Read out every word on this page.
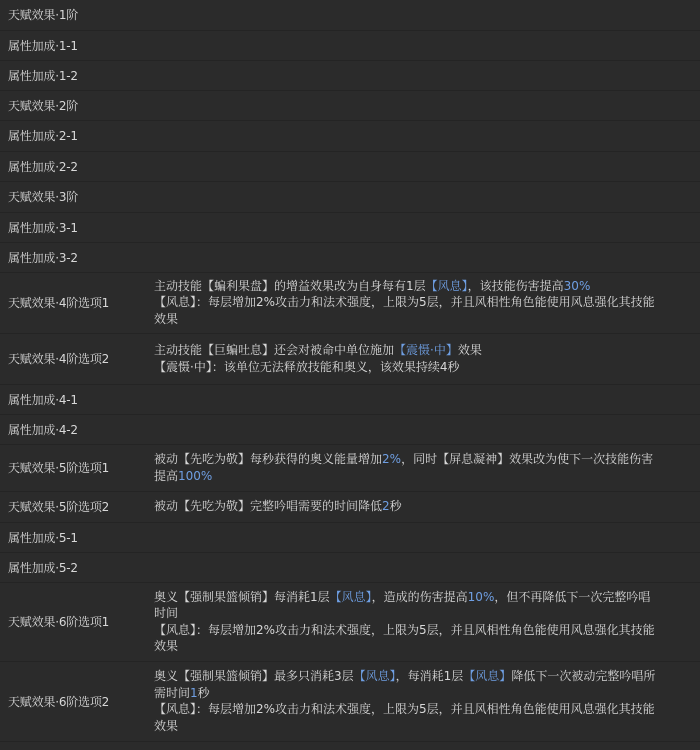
天赋效果·1阶	
属性加成·1-1	
属性加成·1-2	
天赋效果·2阶	
属性加成·2-1	
属性加成·2-2	
天赋效果·3阶	
属性加成·3-1	
属性加成·3-2	
天赋效果·4阶选项1	主动技能【蝙利果盘】的增益效果改为自身每有1层【风息】，该技能伤害提高30%
【风息】：每层增加2%攻击力和法术强度，上限为5层，并且风相性角色能使用风息强化其技能
效果

天赋效果·4阶选项2	主动技能【巨蝙吐息】还会对被命中单位施加【震慑·中】效果
【震慑·中】：该单位无法释放技能和奥义，该效果持续4秒

属性加成·4-1	
属性加成·4-2	
天赋效果·5阶选项1	被动【先吃为敬】每秒获得的奥义能量增加2%，同时【屏息凝神】效果改为使下一次技能伤害
提高100%

天赋效果·5阶选项2	被动【先吃为敬】完整吟唱需要的时间降低2秒

属性加成·5-1	
属性加成·5-2	
天赋效果·6阶选项1	奥义【强制果篮倾销】每消耗1层【风息】，造成的伤害提高10%，但不再降低下一次完整吟唱
时间
【风息】：每层增加2%攻击力和法术强度，上限为5层，并且风相性角色能使用风息强化其技能
效果

天赋效果·6阶选项2	奥义【强制果篮倾销】最多只消耗3层【风息】，每消耗1层【风息】降低下一次被动完整吟唱所
需时间1秒
【风息】：每层增加2%攻击力和法术强度，上限为5层，并且风相性角色能使用风息强化其技能
效果
